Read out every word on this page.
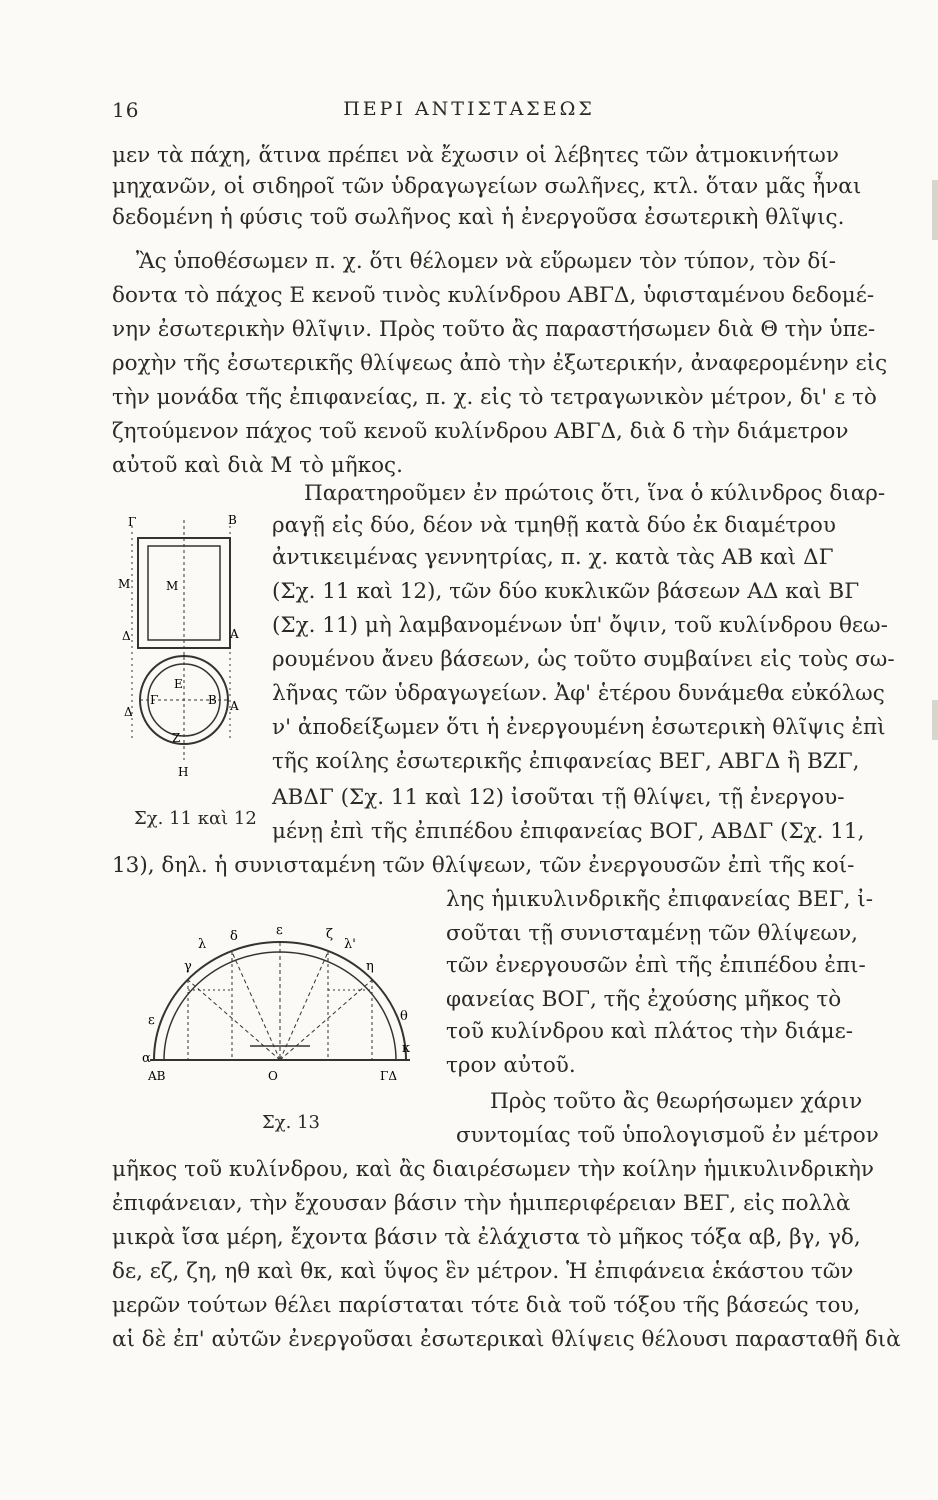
16	ΠΕΡΙ ΑΝΤΙΣΤΑΣΕΩΣ
μεν τὰ πάχη, ἅτινα πρέπει νὰ ἔχωσιν οἱ λέβητες τῶν ἀτμοκινήτων
μηχανῶν, οἱ σιδηροῖ τῶν ὑδραγωγείων σωλῆνες, κτλ. ὅταν μᾶς ἦναι
δεδομένη ἡ φύσις τοῦ σωλῆνος καὶ ἡ ἐνεργοῦσα ἐσωτερικὴ θλῖψις.
Ἂς ὑποθέσωμεν π. χ. ὅτι θέλομεν νὰ εὕρωμεν τὸν τύπον, τὸν δί-
δοντα τὸ πάχος Ε κενοῦ τινὸς κυλίνδρου ΑΒΓΔ, ὑφισταμένου δεδομέ-
νην ἐσωτερικὴν θλῖψιν. Πρὸς τοῦτο ἂς παραστήσωμεν διὰ Θ τὴν ὑπε-
ροχὴν τῆς ἐσωτερικῆς θλίψεως ἀπὸ τὴν ἐξωτερικήν, ἀναφερομένην εἰς
τὴν μονάδα τῆς ἐπιφανείας, π. χ. εἰς τὸ τετραγωνικὸν μέτρον, δι' ε τὸ
ζητούμενον πάχος τοῦ κενοῦ κυλίνδρου ΑΒΓΔ, διὰ δ τὴν διάμετρον
αὐτοῦ καὶ διὰ Μ τὸ μῆκος.
Παρατηροῦμεν ἐν πρώτοις ὅτι, ἵνα ὁ κύλινδρος διαρ-
ραγῇ εἰς δύο, δέον νὰ τμηθῇ κατὰ δύο ἐκ διαμέτρου
ἀντικειμένας γεννητρίας, π. χ. κατὰ τὰς ΑΒ καὶ ΔΓ
(Σχ. 11 καὶ 12), τῶν δύο κυκλικῶν βάσεων ΑΔ καὶ ΒΓ
(Σχ. 11) μὴ λαμβανομένων ὑπ' ὄψιν, τοῦ κυλίνδρου θεω-
ρουμένου ἄνευ βάσεων, ὡς τοῦτο συμβαίνει εἰς τοὺς σω-
λῆνας τῶν ὑδραγωγείων. Ἀφ' ἑτέρου δυνάμεθα εὐκόλως
ν' ἀποδείξωμεν ὅτι ἡ ἐνεργουμένη ἐσωτερικὴ θλῖψις ἐπὶ
τῆς κοίλης ἐσωτερικῆς ἐπιφανείας ΒΕΓ, ΑΒΓΔ ἢ ΒΖΓ,
ΑΒΔΓ (Σχ. 11 καὶ 12) ἰσοῦται τῇ θλίψει, τῇ ἐνεργου-
μένῃ ἐπὶ τῆς ἐπιπέδου ἐπιφανείας ΒΟΓ, ΑΒΔΓ (Σχ. 11,
13), δηλ. ἡ συνισταμένη τῶν θλίψεων, τῶν ἐνεργουσῶν ἐπὶ τῆς κοί-
λης ἡμικυλινδρικῆς ἐπιφανείας ΒΕΓ, ἰ-
σοῦται τῇ συνισταμένῃ τῶν θλίψεων,
τῶν ἐνεργουσῶν ἐπὶ τῆς ἐπιπέδου ἐπι-
φανείας ΒΟΓ, τῆς ἐχούσης μῆκος τὸ
τοῦ κυλίνδρου καὶ πλάτος τὴν διάμε-
τρον αὐτοῦ.
Πρὸς τοῦτο ἂς θεωρήσωμεν χάριν
συντομίας τοῦ ὑπολογισμοῦ ἐν μέτρον
μῆκος τοῦ κυλίνδρου, καὶ ἂς διαιρέσωμεν τὴν κοίλην ἡμικυλινδρικὴν
ἐπιφάνειαν, τὴν ἔχουσαν βάσιν τὴν ἡμιπεριφέρειαν ΒΕΓ, εἰς πολλὰ
μικρὰ ἴσα μέρη, ἔχοντα βάσιν τὰ ἐλάχιστα τὸ μῆκος τόξα αβ, βγ, γδ,
δε, εζ, ζη, ηθ καὶ θκ, καὶ ὕψος ἓν μέτρον. Ἡ ἐπιφάνεια ἑκάστου τῶν
μερῶν τούτων θέλει παρίσταται τότε διὰ τοῦ τόξου τῆς βάσεώς του,
αἱ δὲ ἐπ' αὐτῶν ἐνεργοῦσαι ἐσωτερικαὶ θλίψεις θέλουσι παρασταθῆ διὰ
Γ	Β
Μ	Μ
Δ	Α
Ε
Γ	Β
Δ	Α
Ζ
Η
Σχ. 11 καὶ 12
λ
δ	ε	ζ
λ'
γ	η
ε	θ
α
κ
ΑΒ	Ο	ΓΔ
Σχ. 13
